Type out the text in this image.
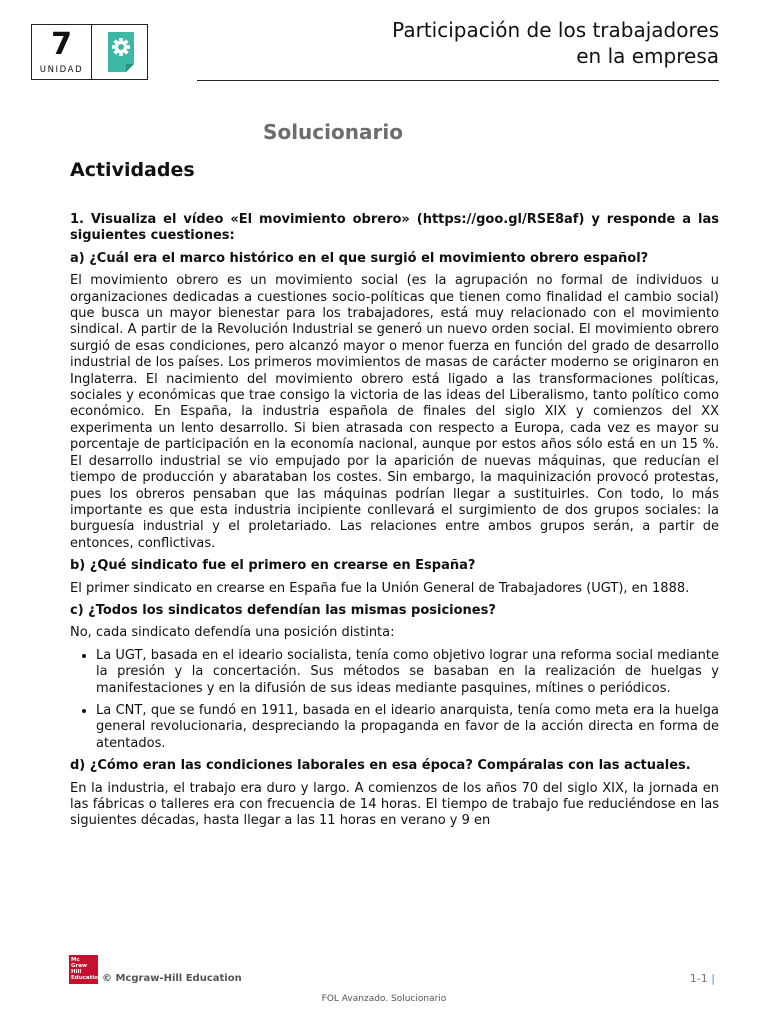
7
UNIDAD
Participación de los trabajadores
en la empresa
Solucionario
Actividades

1. Visualiza el vídeo «El movimiento obrero» (https://goo.gl/RSE8af) y responde a las siguientes cuestiones:

a) ¿Cuál era el marco histórico en el que surgió el movimiento obrero español?

El movimiento obrero es un movimiento social (es la agrupación no formal de individuos u organizaciones dedicadas a cuestiones socio-políticas que tienen como finalidad el cambio social) que busca un mayor bienestar para los trabajadores, está muy relacionado con el movimiento sindical. A partir de la Revolución Industrial se generó un nuevo orden social. El movimiento obrero surgió de esas condiciones, pero alcanzó mayor o menor fuerza en función del grado de desarrollo industrial de los países. Los primeros movimientos de masas de carácter moderno se originaron en Inglaterra. El nacimiento del movimiento obrero está ligado a las transformaciones políticas, sociales y económicas que trae consigo la victoria de las ideas del Liberalismo, tanto político como económico. En España, la industria española de finales del siglo XIX y comienzos del XX experimenta un lento desarrollo. Si bien atrasada con respecto a Europa, cada vez es mayor su porcentaje de participación en la economía nacional, aunque por estos años sólo está en un 15 %. El desarrollo industrial se vio empujado por la aparición de nuevas máquinas, que reducían el tiempo de producción y abarataban los costes. Sin embargo, la maquinización provocó protestas, pues los obreros pensaban que las máquinas podrían llegar a sustituirles. Con todo, lo más importante es que esta industria incipiente conllevará el surgimiento de dos grupos sociales: la burguesía industrial y el proletariado. Las relaciones entre ambos grupos serán, a partir de entonces, conflictivas.

b) ¿Qué sindicato fue el primero en crearse en España?

El primer sindicato en crearse en España fue la Unión General de Trabajadores (UGT), en 1888.

c) ¿Todos los sindicatos defendían las mismas posiciones?

No, cada sindicato defendía una posición distinta:

• La UGT, basada en el ideario socialista, tenía como objetivo lograr una reforma social mediante la presión y la concertación. Sus métodos se basaban en la realización de huelgas y manifestaciones y en la difusión de sus ideas mediante pasquines, mítines o periódicos.
• La CNT, que se fundó en 1911, basada en el ideario anarquista, tenía como meta era la huelga general revolucionaria, despreciando la propaganda en favor de la acción directa en forma de atentados.

d) ¿Cómo eran las condiciones laborales en esa época? Compáralas con las actuales.

En la industria, el trabajo era duro y largo. A comienzos de los años 70 del siglo XIX, la jornada en las fábricas o talleres era con frecuencia de 14 horas. El tiempo de trabajo fue reduciéndose en las siguientes décadas, hasta llegar a las 11 horas en verano y 9 en

Mc
Graw
Hill
Education © Mcgraw-Hill Education	1-1 |
FOL Avanzado. Solucionario
